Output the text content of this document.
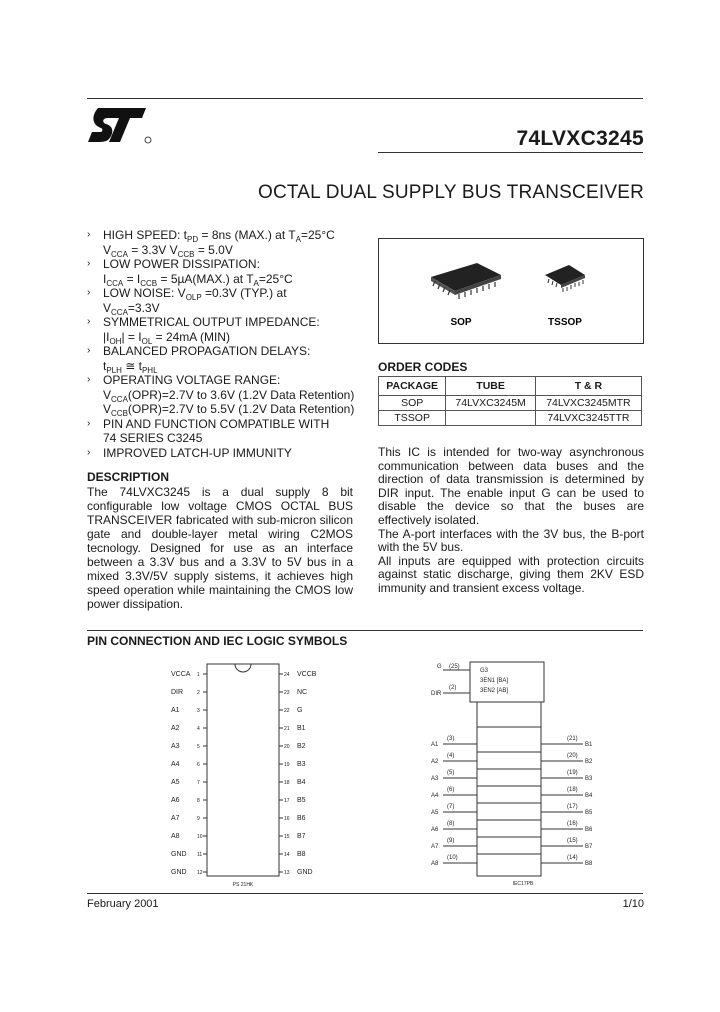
74LVXC3245
OCTAL DUAL SUPPLY BUS TRANSCEIVER
› HIGH SPEED: $t_{PD} = 8ns$ (MAX.) at $T_A=25^\circ C$
$V_{CCA} = 3.3V$ $V_{CCB} = 5.0V$
› LOW POWER DISSIPATION:
$I_{CCA} = I_{CCB} = 5\mu A(MAX.)$ at $T_A=25^\circ C$
› LOW NOISE: $V_{OLP} =0.3V$ (TYP.) at
$V_{CCA}=3.3V$
› SYMMETRICAL OUTPUT IMPEDANCE:
$|I_{OH}| = I_{OL} = 24mA$ (MIN)
› BALANCED PROPAGATION DELAYS:
$t_{PLH}$ ≅ $t_{PHL}$
› OPERATING VOLTAGE RANGE:
$V_{CCA}(OPR)=2.7V$ to 3.6V (1.2V Data Retention)
$V_{CCB}(OPR)=2.7V$ to 5.5V (1.2V Data Retention)
› PIN AND FUNCTION COMPATIBLE WITH
74 SERIES C3245
› IMPROVED LATCH-UP IMMUNITY
DESCRIPTION
The 74LVXC3245 is a dual supply 8 bit configurable low voltage CMOS OCTAL BUS TRANSCEIVER fabricated with sub-micron silicon gate and double-layer metal wiring C2MOS tecnology. Designed for use as an interface between a 3.3V bus and a 3.3V to 5V bus in a mixed 3.3V/5V supply sistems, it achieves high speed operation while maintaining the CMOS low power dissipation.
SOP	TSSOP
ORDER CODES
PACKAGE	TUBE	T & R
SOP	74LVXC3245M	74LVXC3245MTR
TSSOP		74LVXC3245TTR

This IC is intended for two-way asynchronous communication between data buses and the direction of data transmission is determined by DIR input. The enable input G can be used to disable the device so that the buses are effectively isolated.

The A-port interfaces with the 3V bus, the B-port with the 5V bus.

All inputs are equipped with protection circuits against static discharge, giving them 2KV ESD immunity and transient excess voltage.

PIN CONNECTION AND IEC LOGIC SYMBOLS
VCCA 1
DIR	2
A1	3
A2	4
A3	5
A4	6
A5	7
A6	8
A7	9
A8	10
GND 11
GND 12
24 VCCB
23 NC
22 G
21 B1
20 B2
19 B3
18 B4
17 B5
16 B6
15 B7
14 B8
13 GND
PS 21HK
G3
3EN1 [BA]
3EN2 [AB]
A1
(3)	(21)
B1
A2
(4)	(20)
B2
A3
(5)	(19)
B3
A4
(6)	(18)
B4
A5
(7)	(17)
B5
A6
(8)	(16)
B6
A7
(9)	(15)
B7
A8
(10)	(14)
B8
G (25)
DIR
(2)
IEC17PB
February 2001	1/10
